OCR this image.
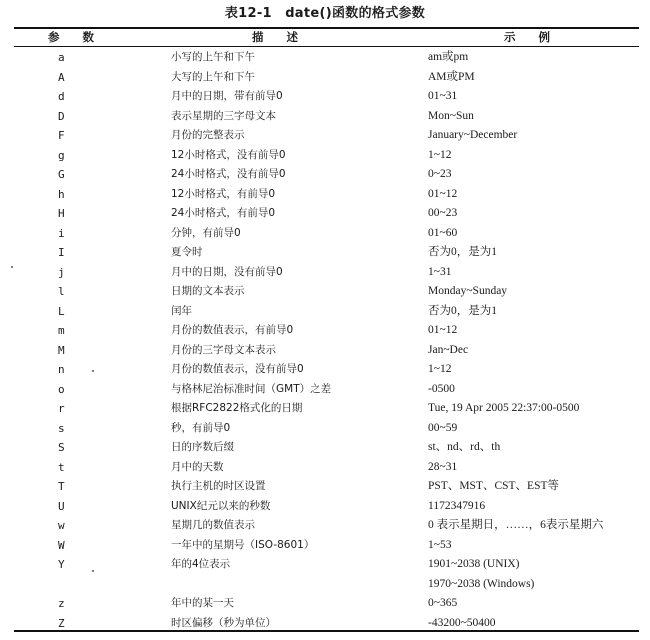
表12-1　date()函数的格式参数
参　　数	描　　述	示　　例
a	小写的上午和下午	am或pm
A	大写的上午和下午	AM或PM
d	月中的日期，带有前导0	01~31
D	表示星期的三字母文本	Mon~Sun
F	月份的完整表示	January~December
g	12小时格式，没有前导0	1~12
G	24小时格式，没有前导0	0~23
h	12小时格式，有前导0	01~12
H	24小时格式，有前导0	00~23
i	分钟，有前导0	01~60
I	夏令时	否为0，是为1
j	月中的日期，没有前导0	1~31
l	日期的文本表示	Monday~Sunday
L	闰年	否为0，是为1
m	月份的数值表示，有前导0	01~12
M	月份的三字母文本表示	Jan~Dec
n	月份的数值表示，没有前导0	1~12
o	与格林尼治标准时间（GMT）之差	-0500
r	根据RFC2822格式化的日期	Tue, 19 Apr 2005 22:37:00-0500
s	秒，有前导0	00~59
S	日的序数后缀	st、nd、rd、th
t	月中的天数	28~31
T	执行主机的时区设置	PST、MST、CST、EST等
U	UNIX纪元以来的秒数	1172347916
w	星期几的数值表示	0 表示星期日，……，6表示星期六
W	一年中的星期号（ISO-8601）	1~53
Y	年的4位表示	1901~2038 (UNIX)
1970~2038 (Windows)
z	年中的某一天	0~365
Z	时区偏移（秒为单位）	-43200~50400
